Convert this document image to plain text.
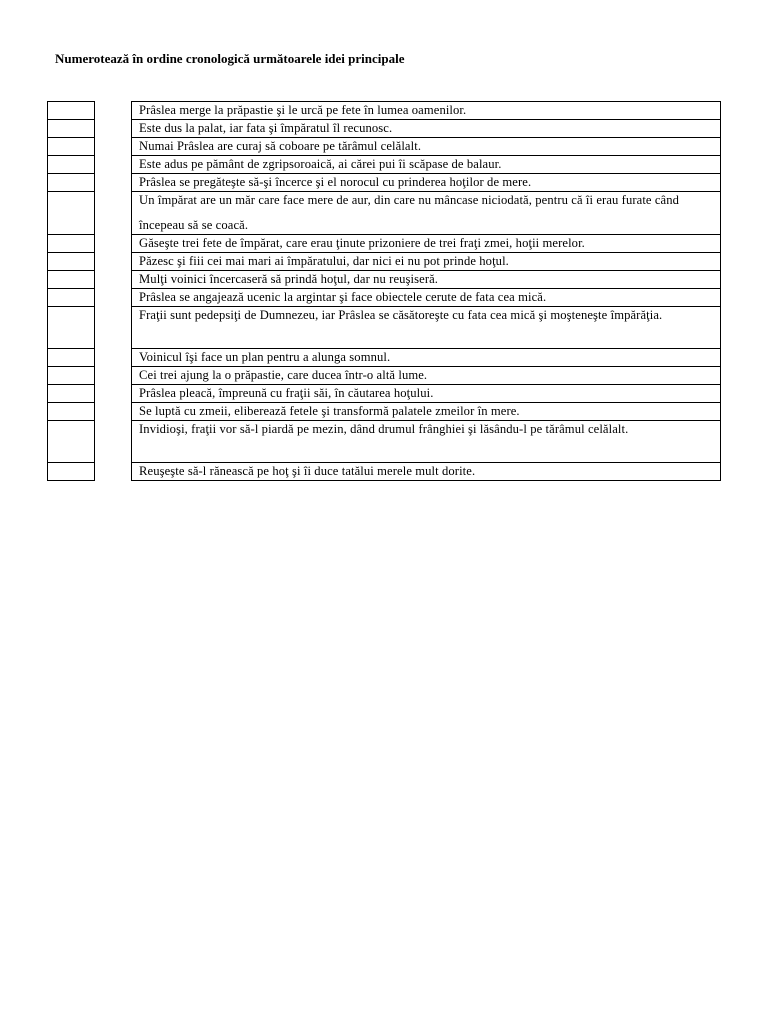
Numerotează în ordine cronologică următoarele idei principale

		Prâslea merge la prăpastie şi le urcă pe fete în lumea oamenilor.

		Este dus la palat, iar fata şi împăratul îl recunosc.

		Numai Prâslea are curaj să coboare pe tărâmul celălalt.

		Este adus pe pământ de zgripsoroaică, ai cărei pui îi scăpase de balaur.

		Prâslea se pregăteşte să-şi încerce şi el norocul cu prinderea hoţilor de mere.

		Un împărat are un măr care face mere de aur, din care nu mâncase niciodată, pentru că îi erau furate când începeau să se coacă.

		Găseşte trei fete de împărat, care erau ţinute prizoniere de trei fraţi zmei, hoţii merelor.

		Păzesc şi fiii cei mai mari ai împăratului, dar nici ei nu pot prinde hoţul.

		Mulţi voinici încercaseră să prindă hoţul, dar nu reuşiseră.

		Prâslea se angajează ucenic la argintar şi face obiectele cerute de fata cea mică.

		Fraţii sunt pedepsiţi de Dumnezeu, iar Prâslea se căsătoreşte cu fata cea mică şi moşteneşte împărăţia.

		Voinicul îşi face un plan pentru a alunga somnul.

		Cei trei ajung la o prăpastie, care ducea într-o altă lume.

		Prâslea pleacă, împreună cu fraţii săi, în căutarea hoţului.

		Se luptă cu zmeii, eliberează fetele şi transformă palatele zmeilor în mere.

		Invidioşi, fraţii vor să-l piardă pe mezin, dând drumul frânghiei şi lăsându-l pe tărâmul celălalt.

		Reuşeşte să-l rănească pe hoţ şi îi duce tatălui merele mult dorite.
